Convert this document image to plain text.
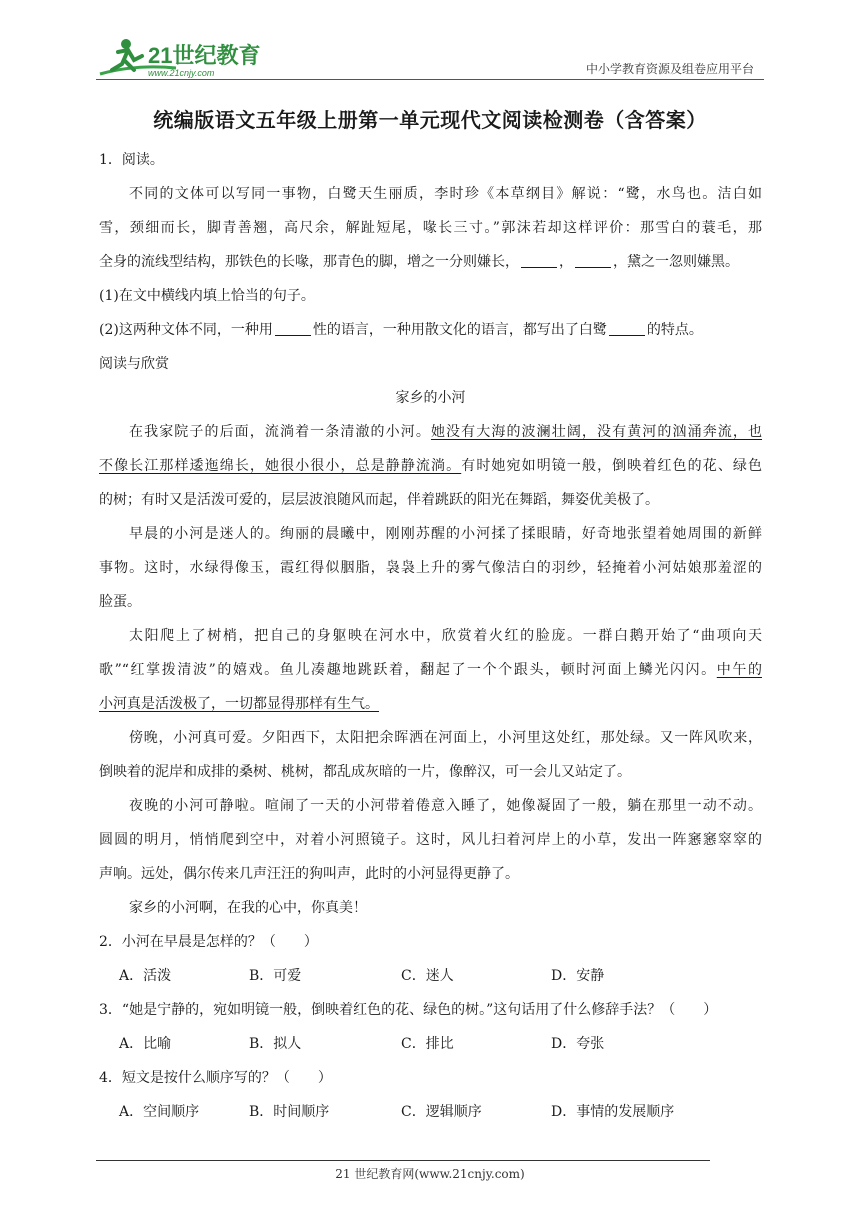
21世纪教育
www.21cnjy.com	中小学教育资源及组卷应用平台
统编版语文五年级上册第一单元现代文阅读检测卷（含答案）
1．阅读。
不同的文体可以写同一事物，白鹭天生丽质，李时珍《本草纲目》解说：“鹭，水鸟也。洁白如
雪，颈细而长，脚青善翘，高尺余，解趾短尾，喙长三寸。”郭沫若却这样评价：那雪白的蓑毛，那
全身的流线型结构，那铁色的长喙，那青色的脚，增之一分则嫌长，	，	，黛之一忽则嫌黑。
(1)在文中横线内填上恰当的句子。
(2)这两种文体不同，一种用	性的语言，一种用散文化的语言，都写出了白鹭	的特点。
阅读与欣赏
家乡的小河
在我家院子的后面，流淌着一条清澈的小河。她没有大海的波澜壮阔，没有黄河的汹涌奔流，也
不像长江那样逶迤绵长，她很小很小，总是静静流淌。有时她宛如明镜一般，倒映着红色的花、绿色
的树；有时又是活泼可爱的，层层波浪随风而起，伴着跳跃的阳光在舞蹈，舞姿优美极了。
早晨的小河是迷人的。绚丽的晨曦中，刚刚苏醒的小河揉了揉眼睛，好奇地张望着她周围的新鲜
事物。这时，水绿得像玉，霞红得似胭脂，袅袅上升的雾气像洁白的羽纱，轻掩着小河姑娘那羞涩的
脸蛋。
太阳爬上了树梢，把自己的身躯映在河水中，欣赏着火红的脸庞。一群白鹅开始了“曲项向天
歌”“红掌拨清波”的嬉戏。鱼儿凑趣地跳跃着，翻起了一个个跟头，顿时河面上鳞光闪闪。中午的
小河真是活泼极了，一切都显得那样有生气。
傍晚，小河真可爱。夕阳西下，太阳把余晖洒在河面上，小河里这处红，那处绿。又一阵风吹来，
倒映着的泥岸和成排的桑树、桃树，都乱成灰暗的一片，像醉汉，可一会儿又站定了。
夜晚的小河可静啦。喧闹了一天的小河带着倦意入睡了，她像凝固了一般，躺在那里一动不动。
圆圆的明月，悄悄爬到空中，对着小河照镜子。这时，风儿扫着河岸上的小草，发出一阵窸窸窣窣的
声响。远处，偶尔传来几声汪汪的狗叫声，此时的小河显得更静了。
家乡的小河啊，在我的心中，你真美！
2．小河在早晨是怎样的？（　　）
A．活泼	B．可爱	C．迷人	D．安静
3．“她是宁静的，宛如明镜一般，倒映着红色的花、绿色的树。”这句话用了什么修辞手法？（　　）
A．比喻	B．拟人	C．排比	D．夸张
4．短文是按什么顺序写的？（　　）
A．空间顺序	B．时间顺序	C．逻辑顺序	D．事情的发展顺序
21 世纪教育网(www.21cnjy.com)
